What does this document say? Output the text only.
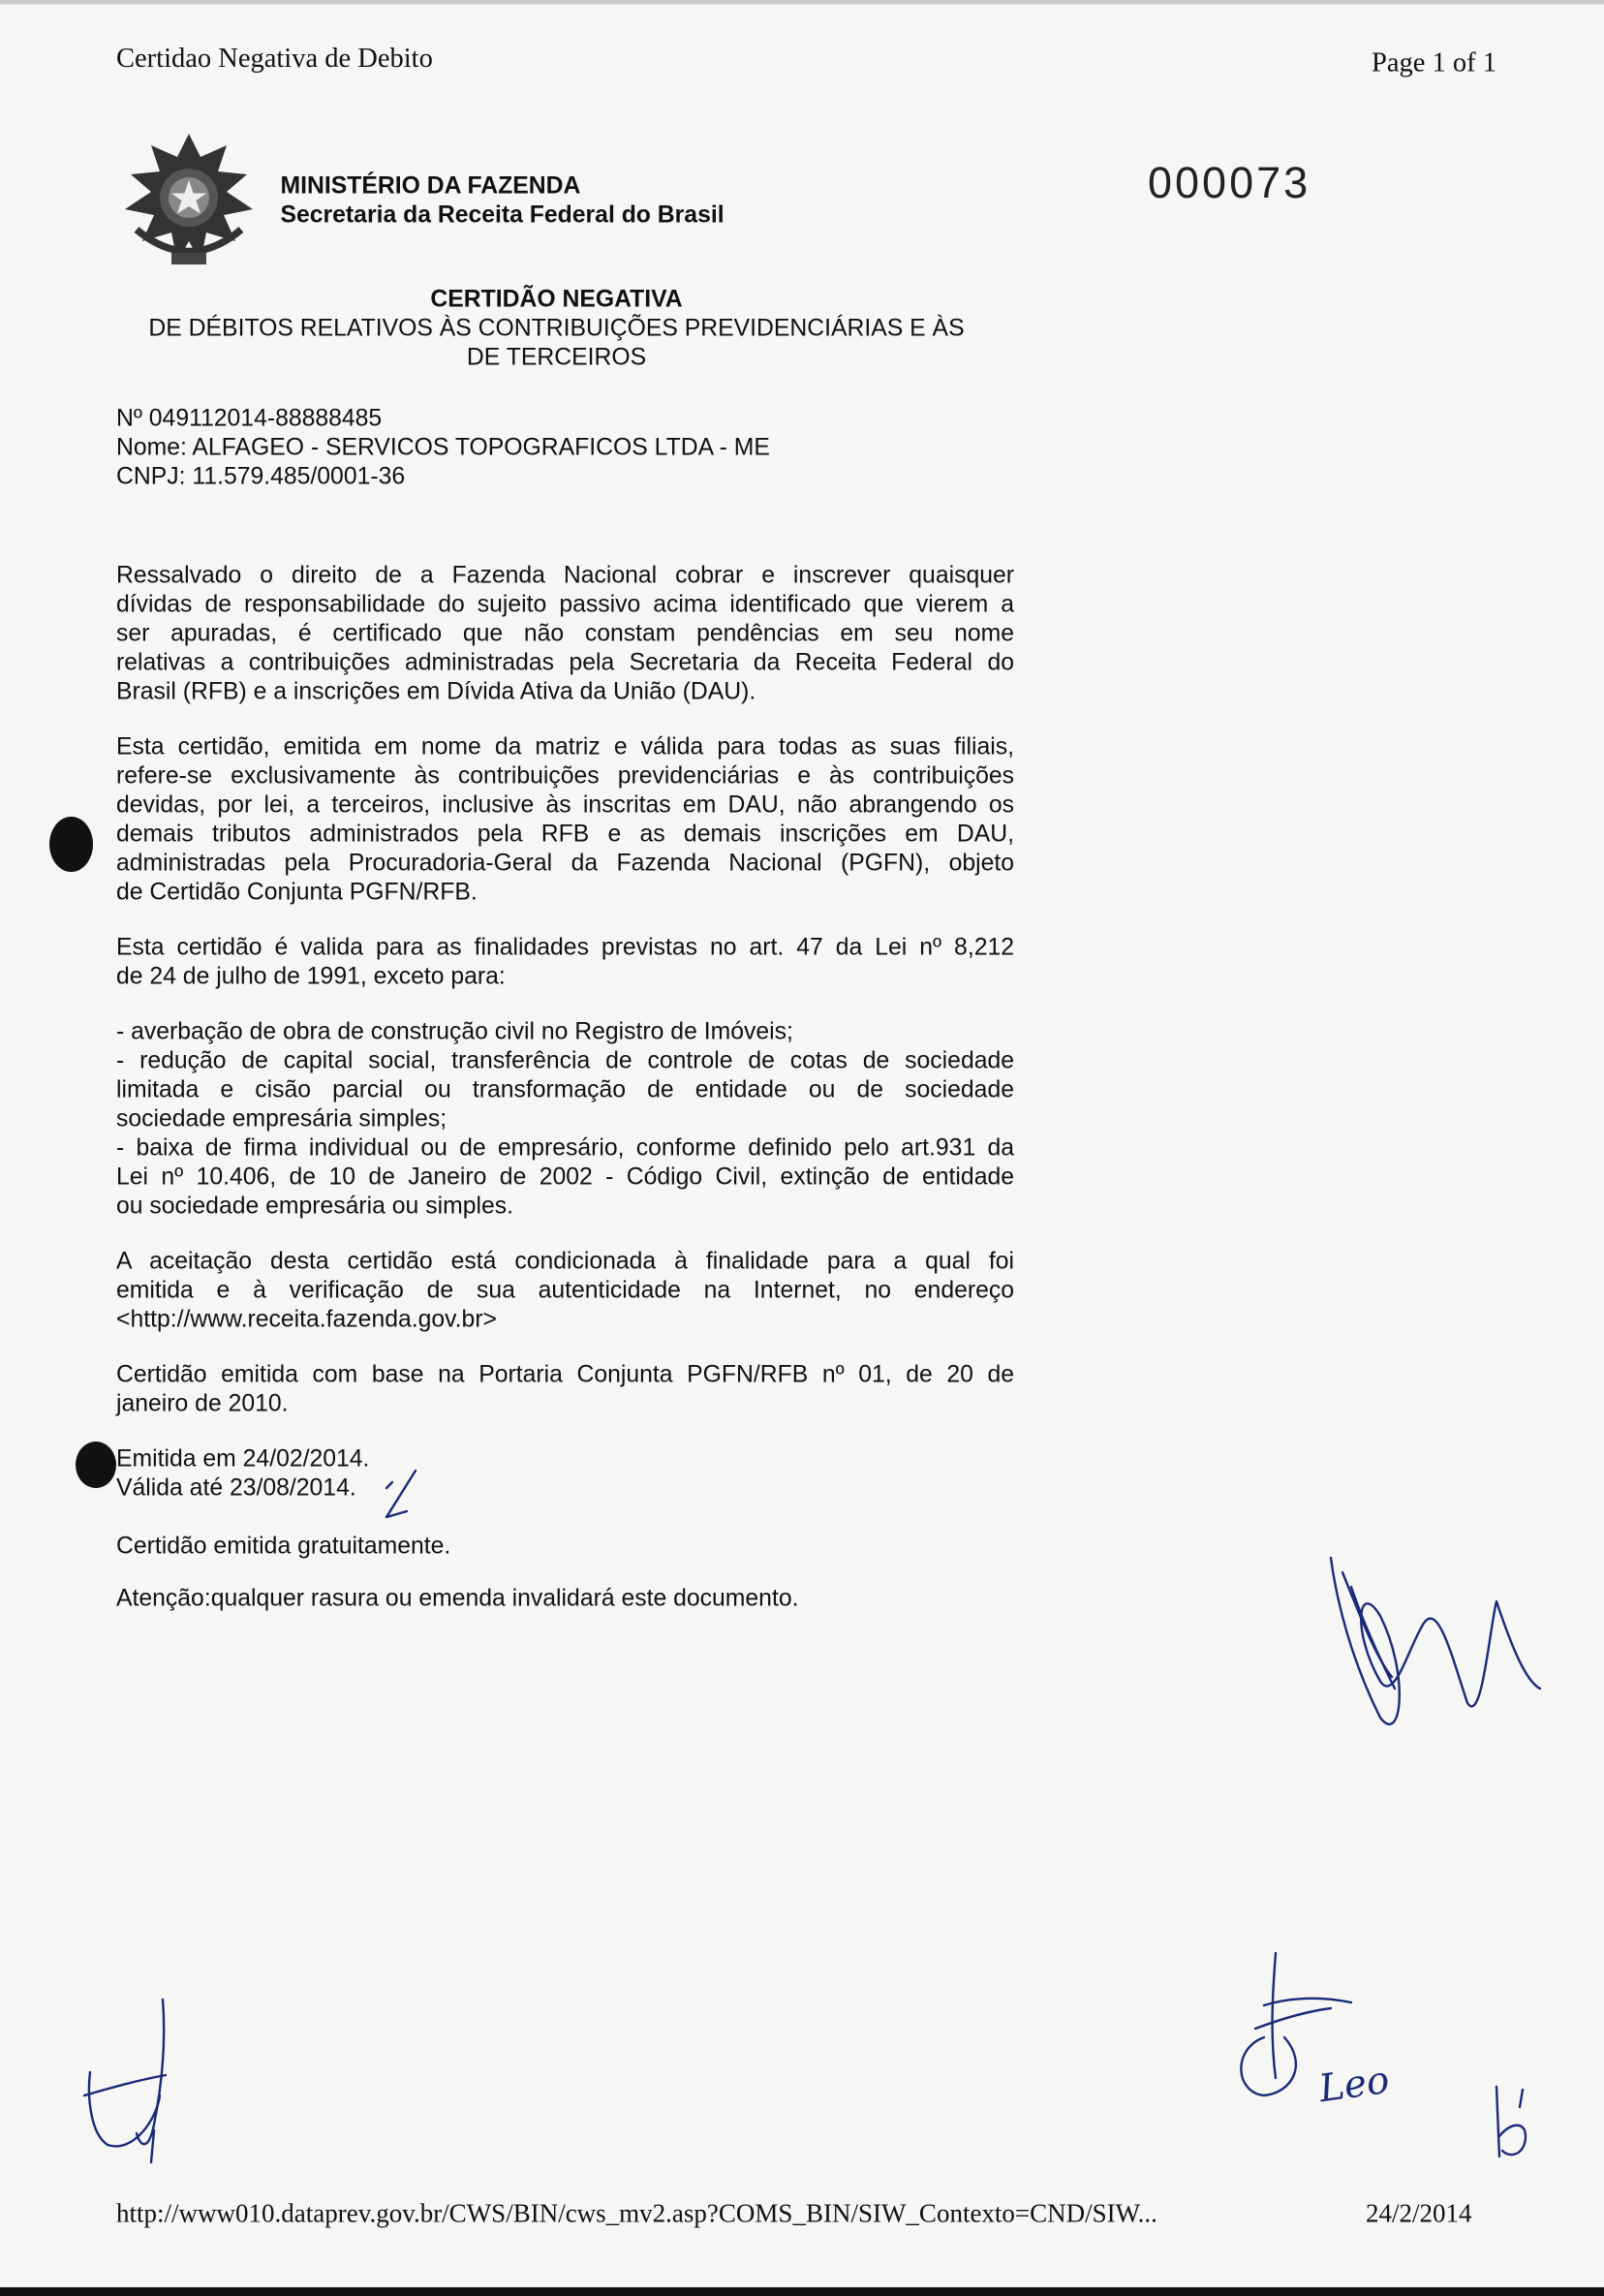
Certidao Negativa de Debito	Page 1 of 1
MINISTÉRIO DA FAZENDA
Secretaria da Receita Federal do Brasil
000073
CERTIDÃO NEGATIVA
DE DÉBITOS RELATIVOS ÀS CONTRIBUIÇÕES PREVIDENCIÁRIAS E ÀS
DE TERCEIROS
Nº 049112014-88888485
Nome: ALFAGEO - SERVICOS TOPOGRAFICOS LTDA - ME
CNPJ: 11.579.485/0001-36

Ressalvado o direito de a Fazenda Nacional cobrar e inscrever quaisquer
dívidas de responsabilidade do sujeito passivo acima identificado que vierem a
ser apuradas, é certificado que não constam pendências em seu nome
relativas a contribuições administradas pela Secretaria da Receita Federal do
Brasil (RFB) e a inscrições em Dívida Ativa da União (DAU).

Esta certidão, emitida em nome da matriz e válida para todas as suas filiais,
refere-se exclusivamente às contribuições previdenciárias e às contribuições
devidas, por lei, a terceiros, inclusive às inscritas em DAU, não abrangendo os
demais tributos administrados pela RFB e as demais inscrições em DAU,
administradas pela Procuradoria-Geral da Fazenda Nacional (PGFN), objeto
de Certidão Conjunta PGFN/RFB.

Esta certidão é valida para as finalidades previstas no art. 47 da Lei nº 8,212
de 24 de julho de 1991, exceto para:

- averbação de obra de construção civil no Registro de Imóveis;
- redução de capital social, transferência de controle de cotas de sociedade
limitada e cisão parcial ou transformação de entidade ou de sociedade
sociedade empresária simples;
- baixa de firma individual ou de empresário, conforme definido pelo art.931 da
Lei nº 10.406, de 10 de Janeiro de 2002 - Código Civil, extinção de entidade
ou sociedade empresária ou simples.

A aceitação desta certidão está condicionada à finalidade para a qual foi
emitida e à verificação de sua autenticidade na Internet, no endereço
<http://www.receita.fazenda.gov.br>

Certidão emitida com base na Portaria Conjunta PGFN/RFB nº 01, de 20 de
janeiro de 2010.

Emitida em 24/02/2014.
Válida até 23/08/2014.

Certidão emitida gratuitamente.

Atenção:qualquer rasura ou emenda invalidará este documento.

Leo
http://www010.dataprev.gov.br/CWS/BIN/cws_mv2.asp?COMS_BIN/SIW_Contexto=CND/SIW...	24/2/2014
